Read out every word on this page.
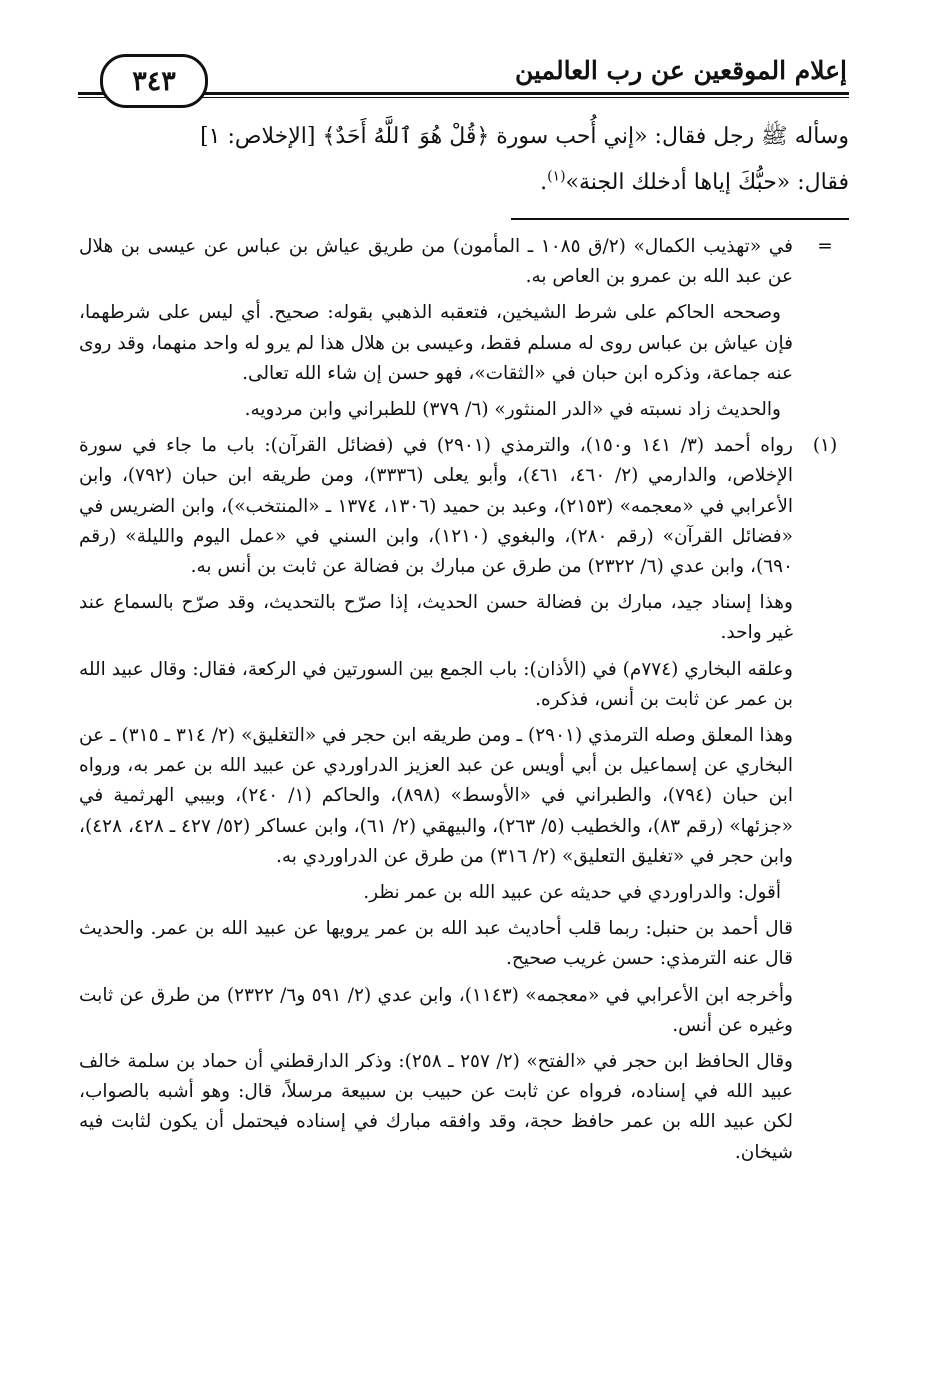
إعلام الموقعين عن رب العالمين
٣٤٣

وسأله ﷺ رجل فقال: «إني أُحب سورة ﴿قُلْ هُوَ ٱللَّهُ أَحَدٌ﴾ [الإخلاص: ١]

فقال: «حبُّكَ إياها أدخلك الجنة»$^{(١)}$.

=

في «تهذيب الكمال» (٢/ق ١٠٨٥ ـ المأمون) من طريق عياش بن عباس عن عيسى بن هلال عن عبد الله بن عمرو بن العاص به.

وصححه الحاكم على شرط الشيخين، فتعقبه الذهبي بقوله: صحيح. أي ليس على شرطهما، فإن عياش بن عباس روى له مسلم فقط، وعيسى بن هلال هذا لم يرو له واحد منهما، وقد روى عنه جماعة، وذكره ابن حبان في «الثقات»، فهو حسن إن شاء الله تعالى.

والحديث زاد نسبته في «الدر المنثور» (٦/ ٣٧٩) للطبراني وابن مردويه.

(١)

رواه أحمد (٣/ ١٤١ و١٥٠)، والترمذي (٢٩٠١) في (فضائل القرآن): باب ما جاء في سورة الإخلاص، والدارمي (٢/ ٤٦٠، ٤٦١)، وأبو يعلى (٣٣٣٦)، ومن طريقه ابن حبان (٧٩٢)، وابن الأعرابي في «معجمه» (٢١٥٣)، وعبد بن حميد (١٣٠٦، ١٣٧٤ ـ «المنتخب»)، وابن الضريس في «فضائل القرآن» (رقم ٢٨٠)، والبغوي (١٢١٠)، وابن السني في «عمل اليوم والليلة» (رقم ٦٩٠)، وابن عدي (٦/ ٢٣٢٢) من طرق عن مبارك بن فضالة عن ثابت بن أنس به.

وهذا إسناد جيد، مبارك بن فضالة حسن الحديث، إذا صرّح بالتحديث، وقد صرّح بالسماع عند غير واحد.

وعلقه البخاري (٧٧٤م) في (الأذان): باب الجمع بين السورتين في الركعة، فقال: وقال عبيد الله بن عمر عن ثابت بن أنس، فذكره.

وهذا المعلق وصله الترمذي (٢٩٠١) ـ ومن طريقه ابن حجر في «التغليق» (٢/ ٣١٤ ـ ٣١٥) ـ عن البخاري عن إسماعيل بن أبي أويس عن عبد العزيز الدراوردي عن عبيد الله بن عمر به، ورواه ابن حبان (٧٩٤)، والطبراني في «الأوسط» (٨٩٨)، والحاكم (١/ ٢٤٠)، وبيبي الهرثمية في «جزئها» (رقم ٨٣)، والخطيب (٥/ ٢٦٣)، والبيهقي (٢/ ٦١)، وابن عساكر (٥٢/ ٤٢٧ ـ ٤٢٨، ٤٢٨)، وابن حجر في «تغليق التعليق» (٢/ ٣١٦) من طرق عن الدراوردي به.

أقول: والدراوردي في حديثه عن عبيد الله بن عمر نظر.

قال أحمد بن حنبل: ربما قلب أحاديث عبد الله بن عمر يرويها عن عبيد الله بن عمر. والحديث قال عنه الترمذي: حسن غريب صحيح.

وأخرجه ابن الأعرابي في «معجمه» (١١٤٣)، وابن عدي (٢/ ٥٩١ و٦/ ٢٣٢٢) من طرق عن ثابت وغيره عن أنس.

وقال الحافظ ابن حجر في «الفتح» (٢/ ٢٥٧ ـ ٢٥٨): وذكر الدارقطني أن حماد بن سلمة خالف عبيد الله في إسناده، فرواه عن ثابت عن حبيب بن سبيعة مرسلاً، قال: وهو أشبه بالصواب، لكن عبيد الله بن عمر حافظ حجة، وقد وافقه مبارك في إسناده فيحتمل أن يكون لثابت فيه شيخان.
